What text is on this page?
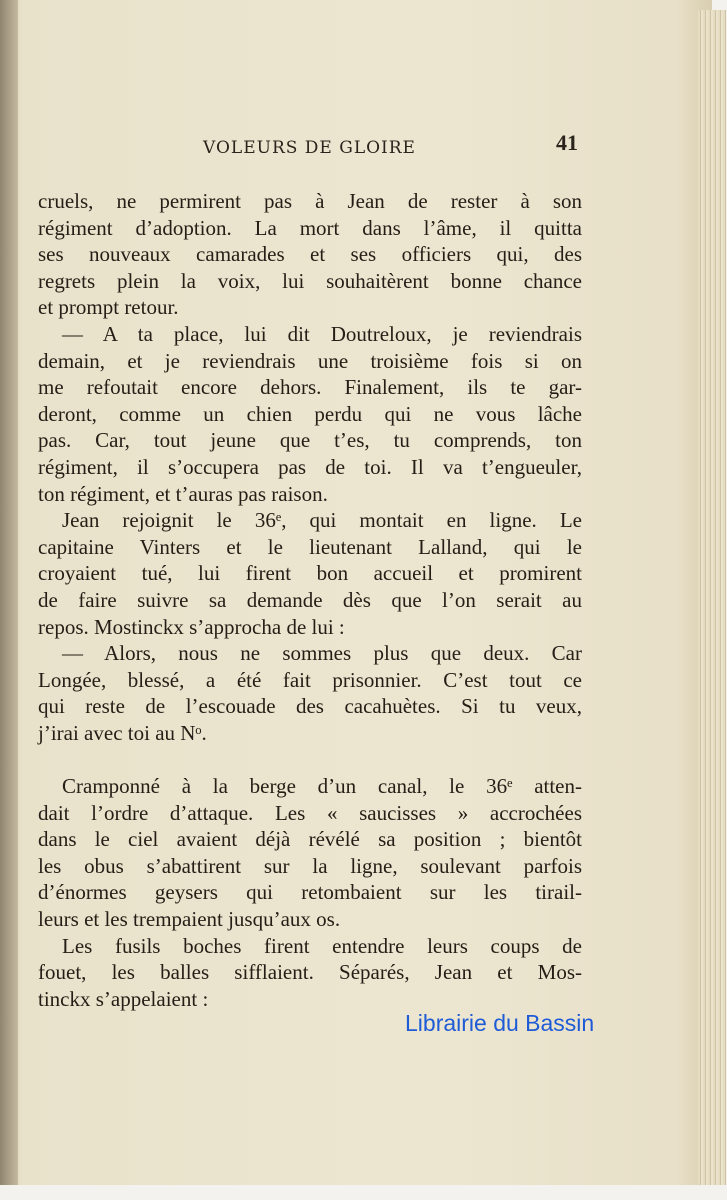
VOLEURS DE GLOIRE	41
cruels, ne permirent pas à Jean de rester à son
régiment d’adoption. La mort dans l’âme, il quitta
ses nouveaux camarades et ses officiers qui, des
regrets plein la voix, lui souhaitèrent bonne chance
et prompt retour.
— A ta place, lui dit Doutreloux, je reviendrais
demain, et je reviendrais une troisième fois si on
me refoutait encore dehors. Finalement, ils te gar-
deront, comme un chien perdu qui ne vous lâche
pas. Car, tout jeune que t’es, tu comprends, ton
régiment, il s’occupera pas de toi. Il va t’engueuler,
ton régiment, et t’auras pas raison.
Jean rejoignit le 36ᵉ, qui montait en ligne. Le
capitaine Vinters et le lieutenant Lalland, qui le
croyaient tué, lui firent bon accueil et promirent
de faire suivre sa demande dès que l’on serait au
repos. Mostinckx s’approcha de lui :
— Alors, nous ne sommes plus que deux. Car
Longée, blessé, a été fait prisonnier. C’est tout ce
qui reste de l’escouade des cacahuètes. Si tu veux,
j’irai avec toi au Nᵒ.
Cramponné à la berge d’un canal, le 36ᵉ atten-
dait l’ordre d’attaque. Les « saucisses » accrochées
dans le ciel avaient déjà révélé sa position ; bientôt
les obus s’abattirent sur la ligne, soulevant parfois
d’énormes geysers qui retombaient sur les tirail-
leurs et les trempaient jusqu’aux os.
Les fusils boches firent entendre leurs coups de
fouet, les balles sifflaient. Séparés, Jean et Mos-
tinckx s’appelaient :
Librairie du Bassin
